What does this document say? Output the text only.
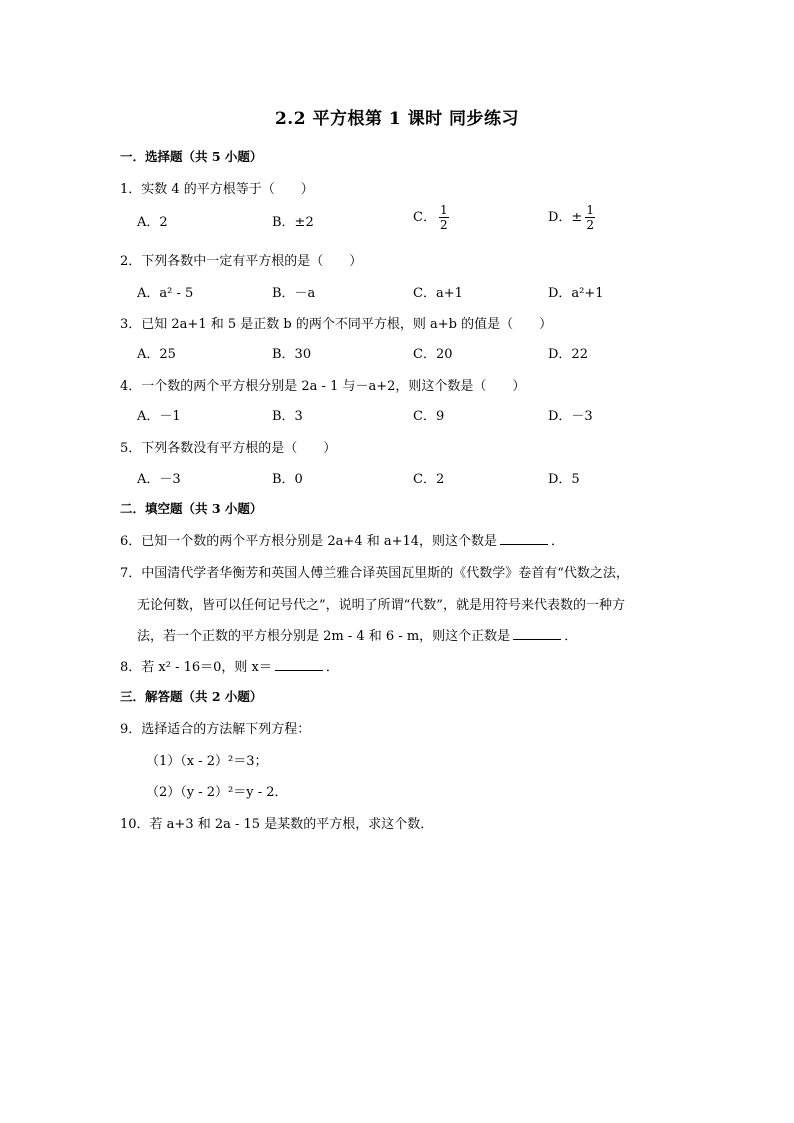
2.2 平方根第 1 课时 同步练习
一．选择题（共 5 小题）
1．实数 4 的平方根等于（　　）
A．2	B．±2	C． $\frac{1}{2}$	D．± $\frac{1}{2}$
2．下列各数中一定有平方根的是（　　）
A．a² - 5	B．－a	C．a+1	D．a²+1
3．已知 2a+1 和 5 是正数 b 的两个不同平方根，则 a+b 的值是（　　）
A．25	B．30	C．20	D．22
4．一个数的两个平方根分别是 2a - 1 与－a+2，则这个数是（　　）
A．－1	B．3	C．9	D．－3
5．下列各数没有平方根的是（　　）
A．－3	B．0	C．2	D．5
二．填空题（共 3 小题）
6．已知一个数的两个平方根分别是 2a+4 和 a+14，则这个数是	．
7．中国清代学者华衡芳和英国人傅兰雅合译英国瓦里斯的《代数学》卷首有“代数之法，
无论何数，皆可以任何记号代之”，说明了所谓“代数”，就是用符号来代表数的一种方
法，若一个正数的平方根分别是 2m - 4 和 6 - m，则这个正数是	．
8．若 x² - 16＝0，则 x＝	．
三．解答题（共 2 小题）
9．选择适合的方法解下列方程：
（1）（x - 2）²＝3；
（2）（y - 2）²＝y - 2．
10．若 a+3 和 2a - 15 是某数的平方根，求这个数．
